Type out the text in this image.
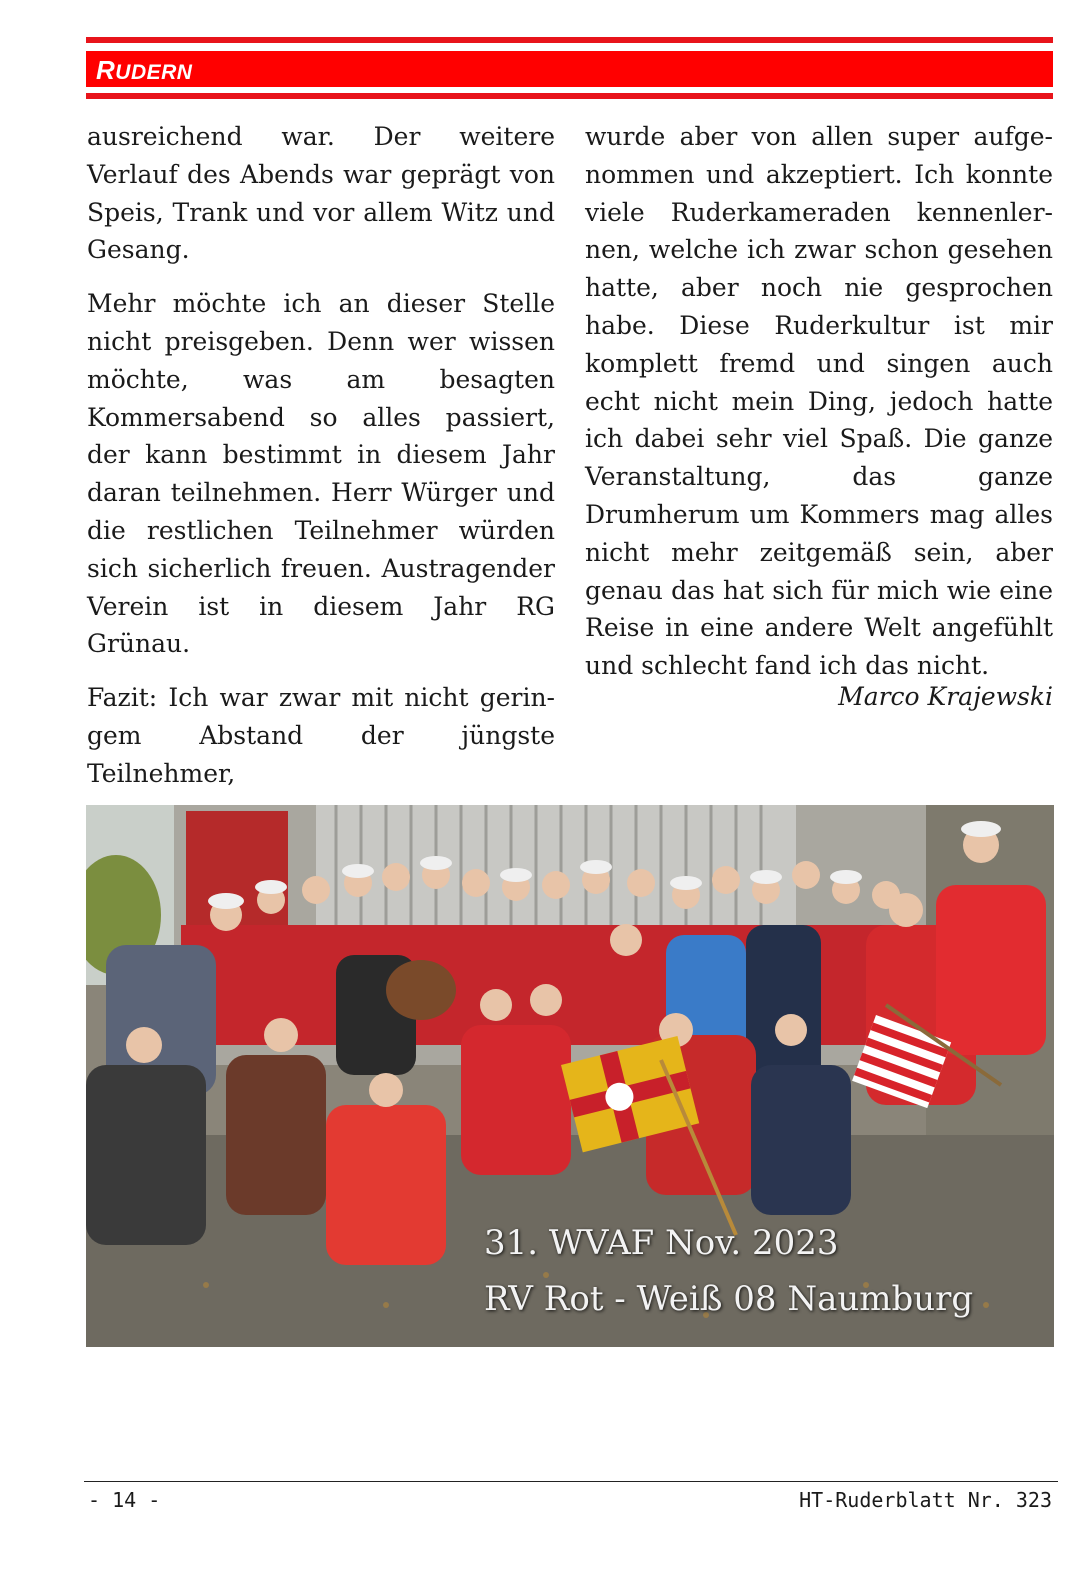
RUDERN

ausreichend war. Der weitere Verlauf des Abends war geprägt von Speis, Trank und vor allem Witz und Gesang.

Mehr möchte ich an dieser Stelle nicht preisgeben. Denn wer wissen möchte, was am besagten Kommersabend so alles passiert, der kann bestimmt in diesem Jahr daran teilnehmen. Herr Würger und die restlichen Teilnehmer würden sich sicherlich freuen. Austragender Verein ist in diesem Jahr RG Grünau.

Fazit: Ich war zwar mit nicht geringem Abstand der jüngste Teilnehmer,

wurde aber von allen super aufgenommen und akzeptiert. Ich konnte viele Ruderkameraden kennenlernen, welche ich zwar schon gesehen hatte, aber noch nie gesprochen habe. Diese Ruderkultur ist mir komplett fremd und singen auch echt nicht mein Ding, jedoch hatte ich dabei sehr viel Spaß. Die ganze Veranstaltung, das ganze Drumherum um Kommers mag alles nicht mehr zeitgemäß sein, aber genau das hat sich für mich wie eine Reise in eine andere Welt angefühlt und schlecht fand ich das nicht.

Marco Krajewski
31. WVAF Nov. 2023
RV Rot - Weiß 08 Naumburg
- 14 -	HT-Ruderblatt Nr. 323
